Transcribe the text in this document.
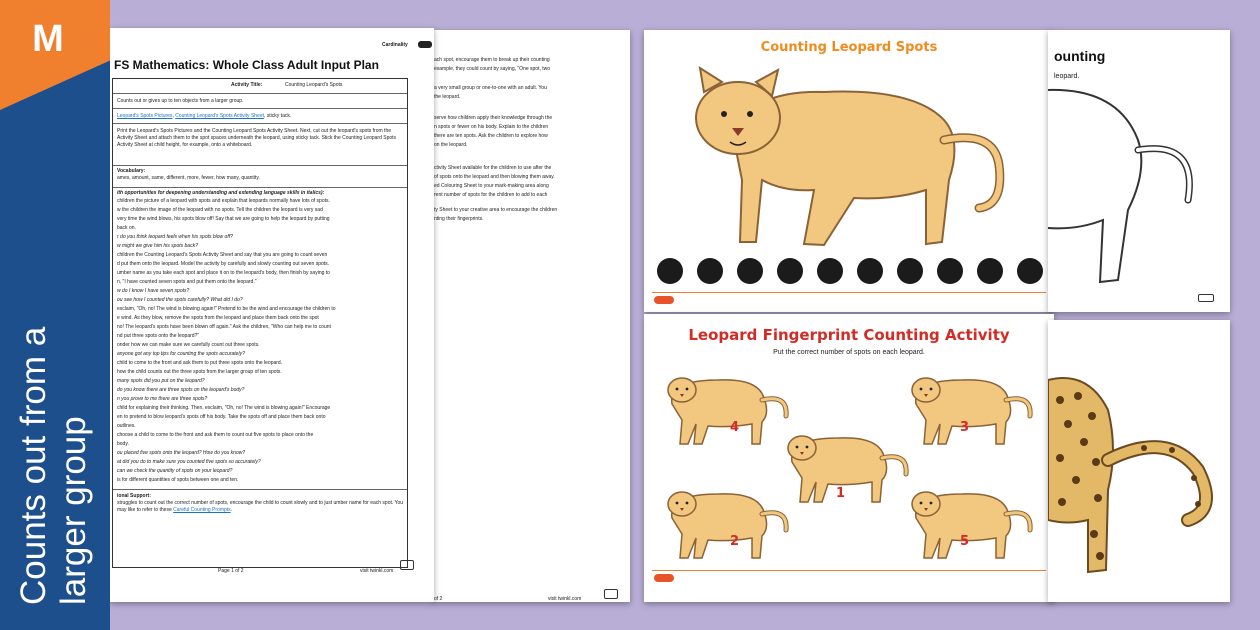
ach spot, encourage them to break up their counting
example, they could count by saying, "One spot, two
a very small group or one-to-one with an adult. You
the leopard.
serve how children apply their knowledge through the
n spots or fewer on his body. Explain to the children
there are ten spots. Ask the children to explore how
on the leopard.
ctivity Sheet available for the children to use after the
of spots onto the leopard and then blowing them away.
ed Colouring Sheet to your mark-making area along
rent number of spots for the children to add to each
ty Sheet to your creative area to encourage the children
nting their fingerprints.
of 2	visit twinkl.com
Cardinality
FS Mathematics: Whole Class Adult Input Plan
Activity Title:	Counting Leopard's Spots
Counts out or gives up to ten objects from a larger group.
Leopard's Spots Pictures, Counting Leopard's Spots Activity Sheet, sticky tack.
Print the Leopard's Spots Pictures and the Counting Leopard Spots Activity Sheet. Next, cut out the leopard's spots from the Activity Sheet and attach them to the spot spaces underneath the leopard, using sticky tack. Stick the Counting Leopard Spots Activity Sheet at child height, for example, onto a whiteboard.
Vocabulary:
ames, amount, same, different, more, fewer, how many, quantity.
ith opportunities for deepening understanding and extending language skills in italics):
children the picture of a leopard with spots and explain that leopards normally have lots of spots.
w the children the image of the leopard with no spots. Tell the children the leopard is very sad
very time the wind blows, his spots blow off! Say that we are going to help the leopard by putting
back on.
r do you think leopard feels when his spots blow off?
w might we give him his spots back?
children the Counting Leopard's Spots Activity Sheet and say that you are going to count seven
d put them onto the leopard. Model the activity by carefully and slowly counting out seven spots.
umber name as you take each spot and place it on to the leopard's body, then finish by saying to
n, "I have counted seven spots and put them onto the leopard."
w do I know I have seven spots?
ou see how I counted the spots carefully? What did I do?
exclaim, "Oh, no! The wind is blowing again!" Pretend to be the wind and encourage the children to
e wind. As they blow, remove the spots from the leopard and place them back onto the spot
no! The leopard's spots have been blown off again." Ask the children, "Who can help me to count
nd put three spots onto the leopard?"
onder how we can make sure we carefully count out three spots.
anyone got any top tips for counting the spots accurately?
child to come to the front and ask them to put three spots onto the leopard.
how the child counts out the three spots from the larger group of ten spots.
many spots did you put on the leopard?
do you know there are three spots on the leopard's body?
n you prove to me there are three spots?
child for explaining their thinking. Then, exclaim, "Oh, no! The wind is blowing again!" Encourage
en to pretend to blow leopard's spots off his body. Take the spots off and place them back onto
outlines.
choose a child to come to the front and ask them to count out five spots to place onto the
body.
ou placed five spots onto the leopard? How do you know?
at did you do to make sure you counted five spots so accurately?
can we check the quantity of spots on your leopard?
is for different quantities of spots between one and ten.
ional Support:
struggles to count out the correct number of spots, encourage the child to count slowly and to just umber name for each spot. You may like to refer to these Careful Counting Prompts.
Page 1 of 2	visit twinkl.com
Counting Leopard Spots
ounting
leopard.
Leopard Fingerprint Counting Activity
Put the correct number of spots on each leopard.
4	3
1
2	5
M
Counts out from a larger group
